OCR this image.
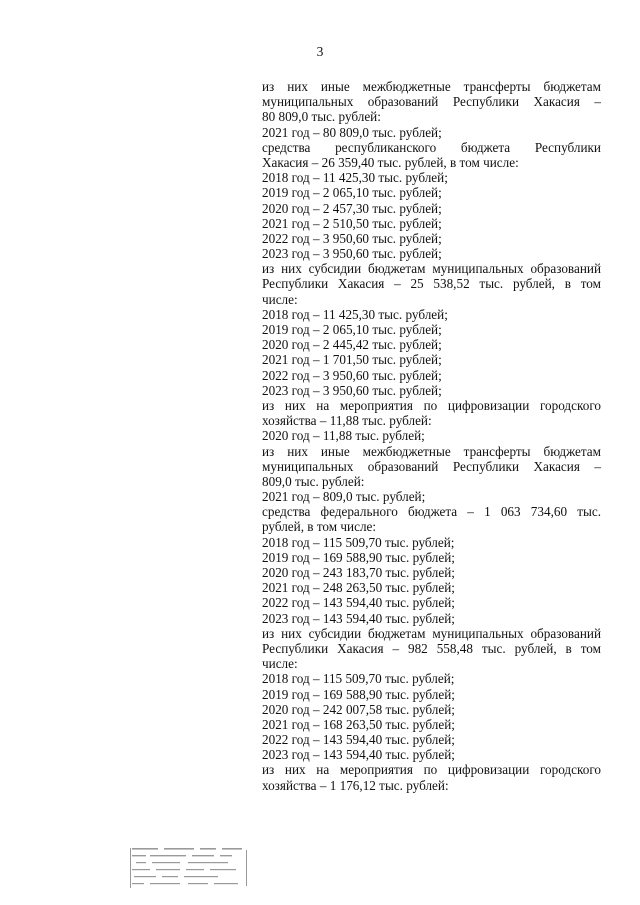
3
из них иные межбюджетные трансферты бюджетам
муниципальных образований Республики Хакасия –
80 809,0 тыс. рублей:
2021 год – 80 809,0 тыс. рублей;
средства республиканского бюджета Республики
Хакасия – 26 359,40 тыс. рублей, в том числе:
2018 год – 11 425,30 тыс. рублей;
2019 год – 2 065,10 тыс. рублей;
2020 год – 2 457,30 тыс. рублей;
2021 год – 2 510,50 тыс. рублей;
2022 год – 3 950,60 тыс. рублей;
2023 год – 3 950,60 тыс. рублей;
из них субсидии бюджетам муниципальных образований
Республики Хакасия – 25 538,52 тыс. рублей, в том
числе:
2018 год – 11 425,30 тыс. рублей;
2019 год – 2 065,10 тыс. рублей;
2020 год – 2 445,42 тыс. рублей;
2021 год – 1 701,50 тыс. рублей;
2022 год – 3 950,60 тыс. рублей;
2023 год – 3 950,60 тыс. рублей;
из них на мероприятия по цифровизации городского
хозяйства – 11,88 тыс. рублей:
2020 год – 11,88 тыс. рублей;
из них иные межбюджетные трансферты бюджетам
муниципальных образований Республики Хакасия –
809,0 тыс. рублей:
2021 год – 809,0 тыс. рублей;
средства федерального бюджета – 1 063 734,60 тыс.
рублей, в том числе:
2018 год – 115 509,70 тыс. рублей;
2019 год – 169 588,90 тыс. рублей;
2020 год – 243 183,70 тыс. рублей;
2021 год – 248 263,50 тыс. рублей;
2022 год – 143 594,40 тыс. рублей;
2023 год – 143 594,40 тыс. рублей;
из них субсидии бюджетам муниципальных образований
Республики Хакасия – 982 558,48 тыс. рублей, в том
числе:
2018 год – 115 509,70 тыс. рублей;
2019 год – 169 588,90 тыс. рублей;
2020 год – 242 007,58 тыс. рублей;
2021 год – 168 263,50 тыс. рублей;
2022 год – 143 594,40 тыс. рублей;
2023 год – 143 594,40 тыс. рублей;
из них на мероприятия по цифровизации городского
хозяйства – 1 176,12 тыс. рублей:
